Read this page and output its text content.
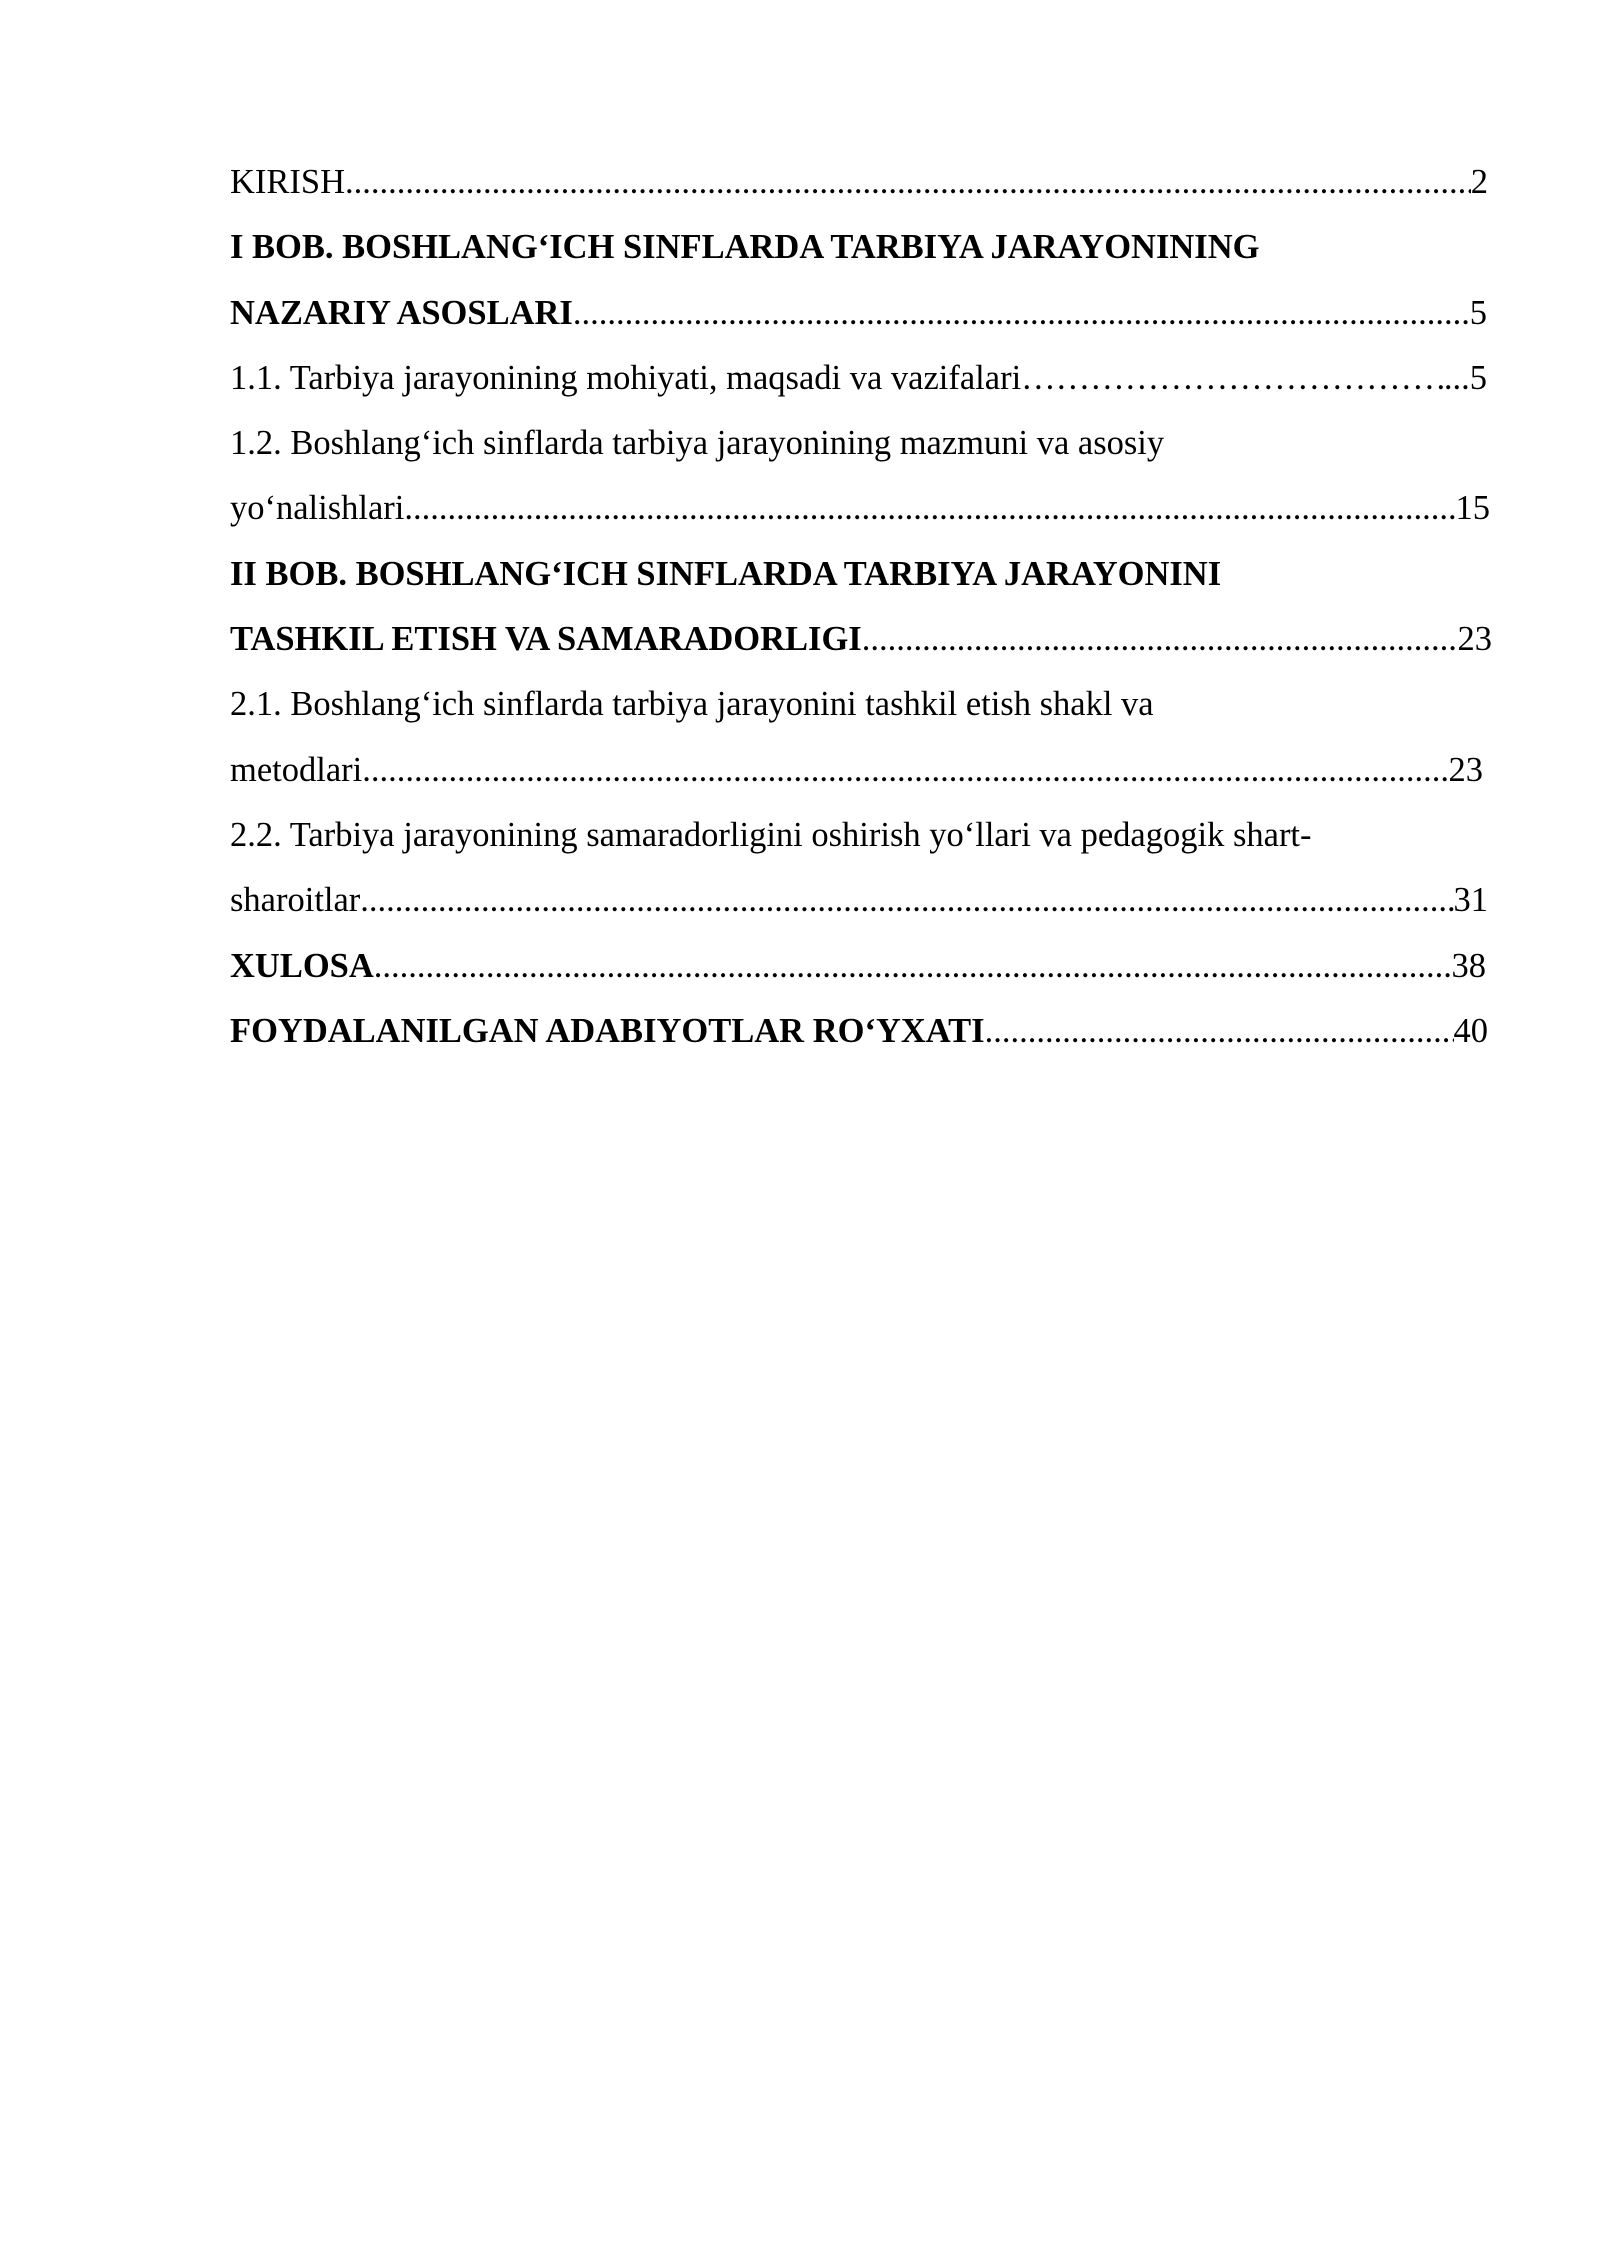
KIRISH .....	2
I BOB. BOSHLANG‘ICH SINFLARDA TARBIYA JARAYONINING
NAZARIY ASOSLARI .....	5
1.1. Tarbiya jarayonining mohiyati, maqsadi va vazifalari ……………………………………………………………………………………………………………………………	...5
1.2. Boshlang‘ich sinflarda tarbiya jarayonining mazmuni va asosiy
yo‘nalishlari .....	15
II BOB. BOSHLANG‘ICH SINFLARDA TARBIYA JARAYONINI
TASHKIL ETISH VA SAMARADORLIGI .....	23
2.1. Boshlang‘ich sinflarda tarbiya jarayonini tashkil etish shakl va
metodlari .....	23
2.2. Tarbiya jarayonining samaradorligini oshirish yo‘llari va pedagogik shart-
sharoitlar .....	31
XULOSA .....	38
FOYDALANILGAN ADABIYOTLAR RO‘YXATI .....	40
